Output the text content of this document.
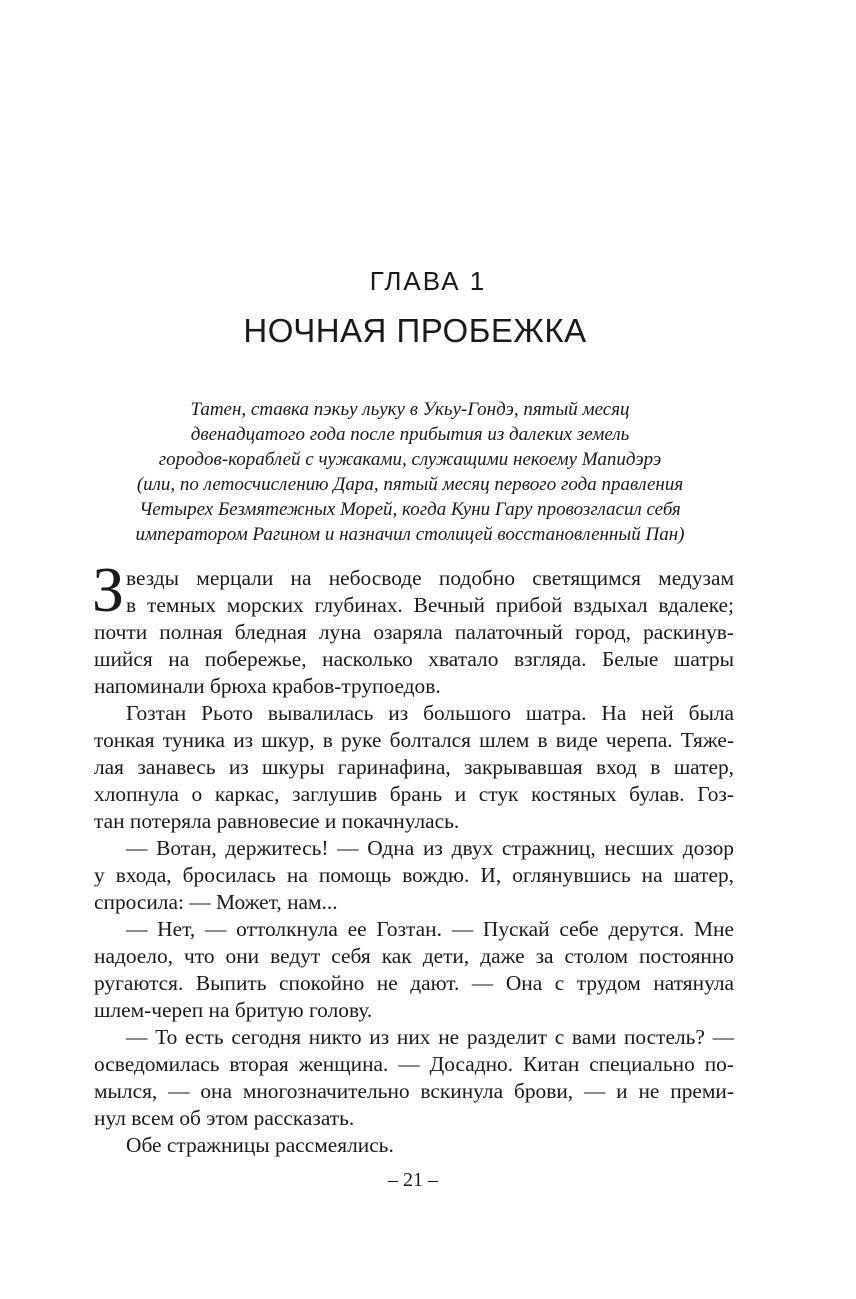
ГЛАВА 1
НОЧНАЯ ПРОБЕЖКА
Татен, ставка пэкьу льуку в Укьу-Гондэ, пятый месяц
двенадцатого года после прибытия из далеких земель
городов-кораблей с чужаками, служащими некоему Мапидэрэ
(или, по летосчислению Дара, пятый месяц первого года правления
Четырех Безмятежных Морей, когда Куни Гару провозгласил себя
императором Рагином и назначил столицей восстановленный Пан)
З везды мерцали на небосводе подобно светящимся медузам
в темных морских глубинах. Вечный прибой вздыхал вдалеке;
почти полная бледная луна озаряла палаточный город, раскинув-
шийся на побережье, насколько хватало взгляда. Белые шатры
напоминали брюха крабов-трупоедов.
Гозтан Рьото вывалилась из большого шатра. На ней была
тонкая туника из шкур, в руке болтался шлем в виде черепа. Тяже-
лая занавесь из шкуры гаринафина, закрывавшая вход в шатер,
хлопнула о каркас, заглушив брань и стук костяных булав. Гоз-
тан потеряла равновесие и покачнулась.
— Вотан, держитесь! — Одна из двух стражниц, несших дозор
у входа, бросилась на помощь вождю. И, оглянувшись на шатер,
спросила: — Может, нам...
— Нет, — оттолкнула ее Гозтан. — Пускай себе дерутся. Мне
надоело, что они ведут себя как дети, даже за столом постоянно
ругаются. Выпить спокойно не дают. — Она с трудом натянула
шлем-череп на бритую голову.
— То есть сегодня никто из них не разделит с вами постель? —
осведомилась вторая женщина. — Досадно. Китан специально по-
мылся, — она многозначительно вскинула брови, — и не преми-
нул всем об этом рассказать.
Обе стражницы рассмеялись.
– 21 –
